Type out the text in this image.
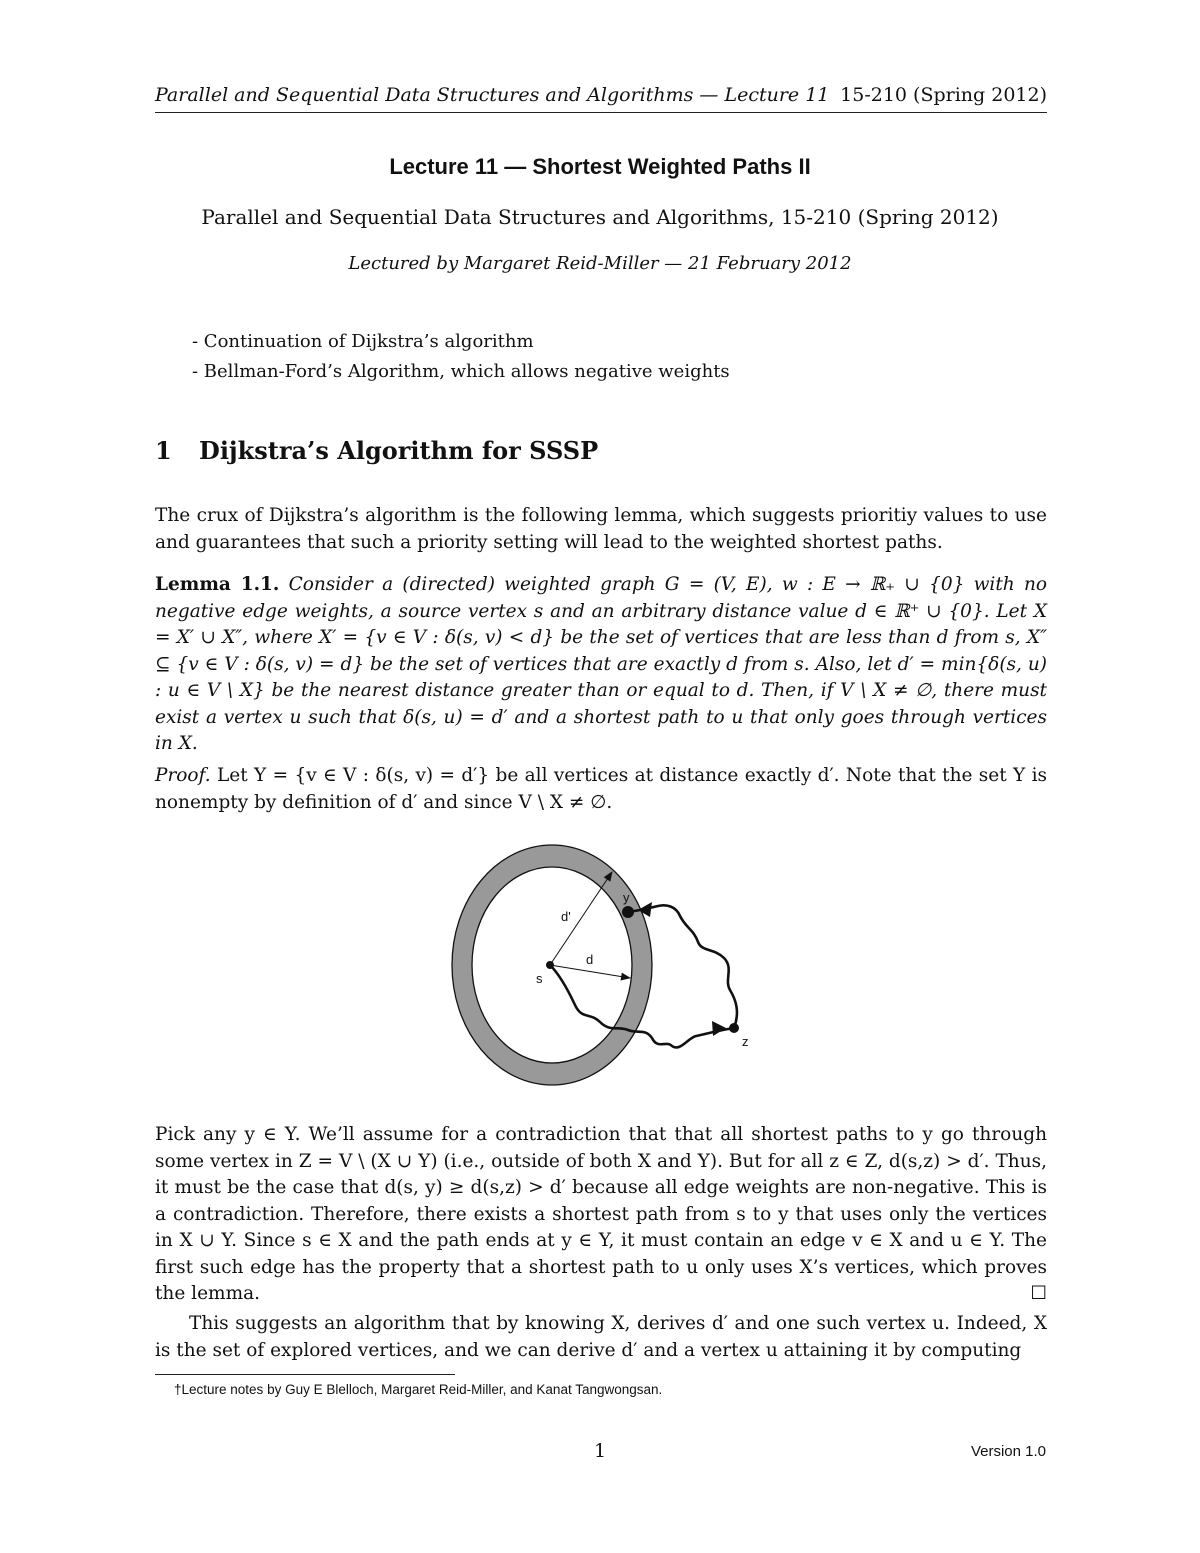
Parallel and Sequential Data Structures and Algorithms — Lecture 11 15-210 (Spring 2012)
Lecture 11 — Shortest Weighted Paths II
Parallel and Sequential Data Structures and Algorithms, 15-210 (Spring 2012)
Lectured by Margaret Reid-Miller — 21 February 2012
- Continuation of Dijkstra’s algorithm
- Bellman-Ford’s Algorithm, which allows negative weights
1 Dijkstra’s Algorithm for SSSP
The crux of Dijkstra’s algorithm is the following lemma, which suggests prioritiy values to use and guarantees that such a priority setting will lead to the weighted shortest paths.
Lemma 1.1. Consider a (directed) weighted graph G = (V, E), w : E → ℝ₊ ∪ {0} with no negative edge weights, a source vertex s and an arbitrary distance value d ∈ ℝ⁺ ∪ {0}. Let X = X′ ∪ X″, where X′ = {v ∈ V : δ(s, v) < d} be the set of vertices that are less than d from s, X″ ⊆ {v ∈ V : δ(s, v) = d} be the set of vertices that are exactly d from s. Also, let d′ = min{δ(s, u) : u ∈ V \ X} be the nearest distance greater than or equal to d. Then, if V \ X ≠ ∅, there must exist a vertex u such that δ(s, u) = d′ and a shortest path to u that only goes through vertices in X.
Proof. Let Y = {v ∈ V : δ(s, v) = d′} be all vertices at distance exactly d′. Note that the set Y is nonempty by definition of d′ and since V \ X ≠ ∅.
s
d
d'
y
z
Pick any y ∈ Y. We’ll assume for a contradiction that that all shortest paths to y go through some vertex in Z = V \ (X ∪ Y) (i.e., outside of both X and Y). But for all z ∈ Z, d(s,z) > d′. Thus, it must be the case that d(s, y) ≥ d(s,z) > d′ because all edge weights are non-negative. This is a contradiction. Therefore, there exists a shortest path from s to y that uses only the vertices in X ∪ Y. Since s ∈ X and the path ends at y ∈ Y, it must contain an edge v ∈ X and u ∈ Y. The first such edge has the property that a shortest path to u only uses X’s vertices, which proves the lemma.	☐
This suggests an algorithm that by knowing X, derives d′ and one such vertex u. Indeed, X is the set of explored vertices, and we can derive d′ and a vertex u attaining it by computing
†Lecture notes by Guy E Blelloch, Margaret Reid-Miller, and Kanat Tangwongsan.
1	Version 1.0
